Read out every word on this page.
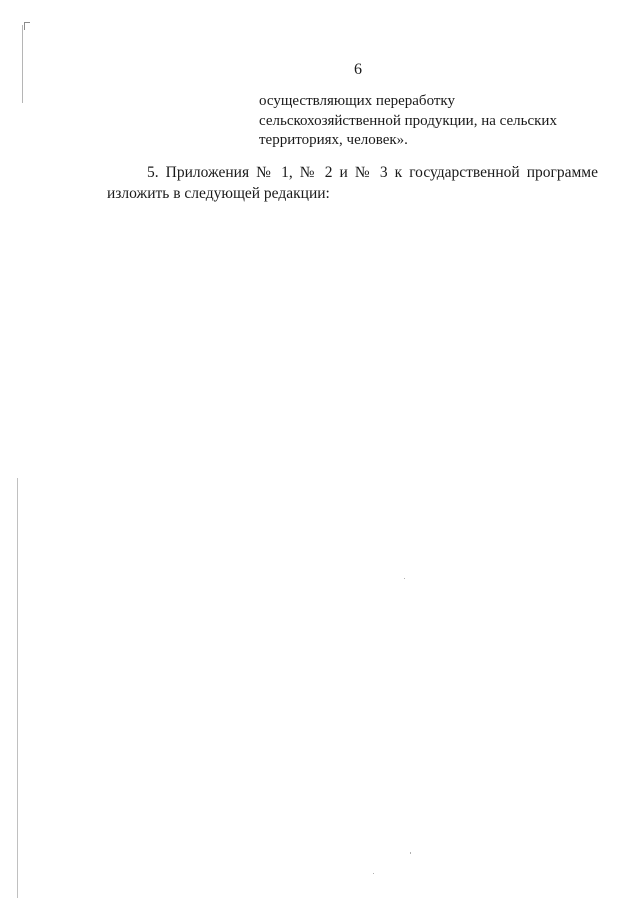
6
осуществляющих переработку
сельскохозяйственной продукции, на сельских
территориях, человек».
5. Приложения № 1, № 2 и № 3 к государственной программе
изложить в следующей редакции:
